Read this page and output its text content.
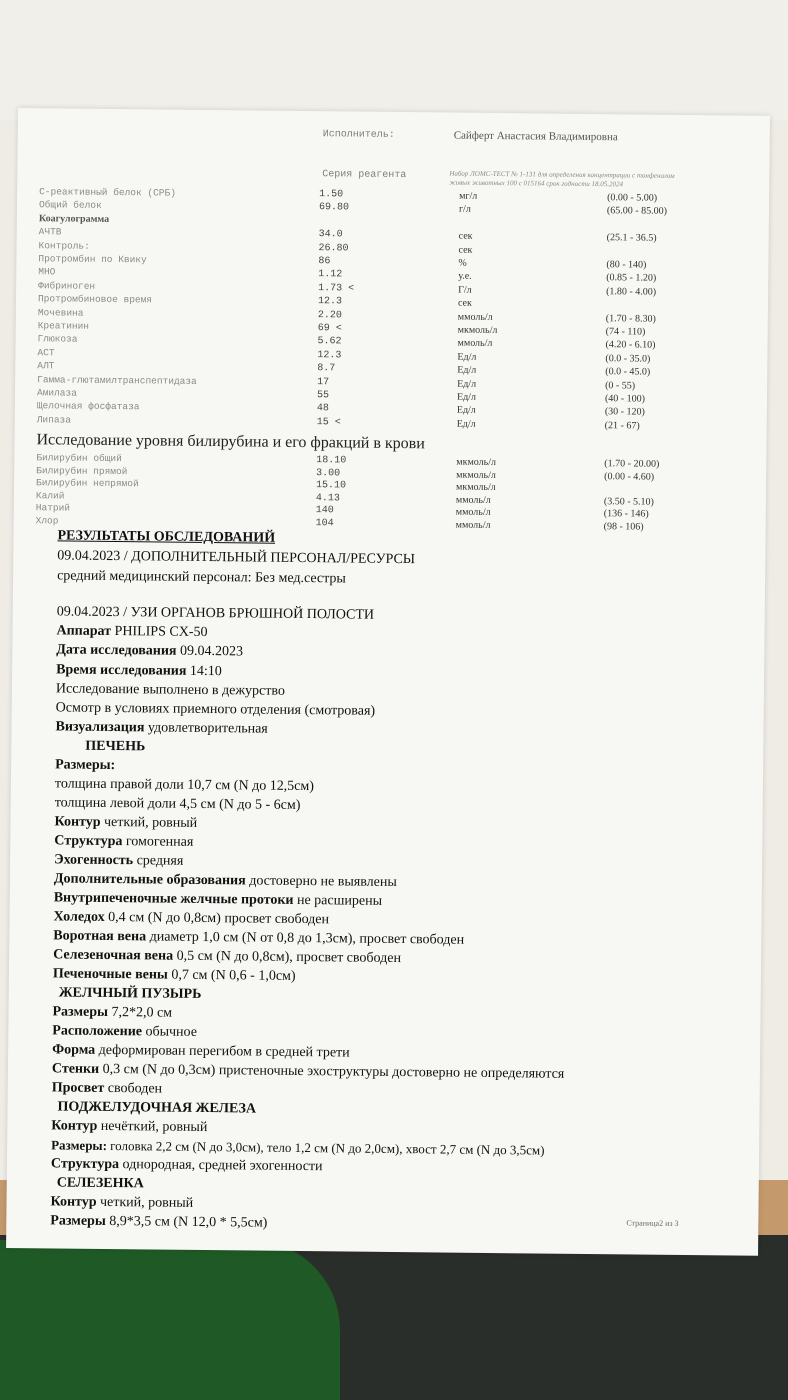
Исполнитель:	Сайферт Анастасия Владимировна
Серия реагента	Набор ЛОМС-ТЕСТ № 1-131 для определения концентрации с тонфенолом
живых животных 100 с 015164 срок годности 18.05.2024
С-реактивный белок (СРБ)	1.50	мг/л	(0.00 - 5.00)
Общий белок	69.80	г/л	(65.00 - 85.00)
Коагулограмма
АЧТВ	34.0	сек	(25.1 - 36.5)
Контроль:	26.80	сек
Протромбин по Квику	86	%	(80 - 140)
МНО	1.12	у.е.	(0.85 - 1.20)
Фибриноген	1.73 <	Г/л	(1.80 - 4.00)
Протромбиновое время	12.3	сек
Мочевина	2.20	ммоль/л	(1.70 - 8.30)
Креатинин	69 <	мкмоль/л	(74 - 110)
Глюкоза	5.62	ммоль/л	(4.20 - 6.10)
АСТ	12.3	Ед/л	(0.0 - 35.0)
АЛТ	8.7	Ед/л	(0.0 - 45.0)
Гамма-глютамилтранспептидаза	17	Ед/л	(0 - 55)
Амилаза	55	Ед/л	(40 - 100)
Щелочная фосфатаза	48	Ед/л	(30 - 120)
Липаза	15 <	Ед/л	(21 - 67)
Исследование уровня билирубина и его фракций в крови
Билирубин общий	18.10	мкмоль/л	(1.70 - 20.00)
Билирубин прямой	3.00	мкмоль/л	(0.00 - 4.60)
Билирубин непрямой	15.10	мкмоль/л
Калий	4.13	ммоль/л	(3.50 - 5.10)
Натрий	140	ммоль/л	(136 - 146)
Хлор	104	ммоль/л	(98 - 106)
РЕЗУЛЬТАТЫ ОБСЛЕДОВАНИЙ
09.04.2023 / ДОПОЛНИТЕЛЬНЫЙ ПЕРСОНАЛ/РЕСУРСЫ
средний медицинский персонал: Без мед.сестры
09.04.2023 / УЗИ ОРГАНОВ БРЮШНОЙ ПОЛОСТИ
Аппарат PHILIPS CX-50
Дата исследования 09.04.2023
Время исследования 14:10
Исследование выполнено в дежурство
Осмотр в условиях приемного отделения (смотровая)
Визуализация удовлетворительная
ПЕЧЕНЬ
Размеры:
толщина правой доли 10,7 см (N до 12,5см)
толщина левой доли 4,5 см (N до 5 - 6см)
Контур четкий, ровный
Структура гомогенная
Эхогенность средняя
Дополнительные образования достоверно не выявлены
Внутрипеченочные желчные протоки не расширены
Холедох 0,4 см (N до 0,8см) просвет свободен
Воротная вена диаметр 1,0 см (N от 0,8 до 1,3см), просвет свободен
Селезеночная вена 0,5 см (N до 0,8см), просвет свободен
Печеночные вены 0,7 см (N 0,6 - 1,0см)
ЖЕЛЧНЫЙ ПУЗЫРЬ
Размеры 7,2*2,0 см
Расположение обычное
Форма деформирован перегибом в средней трети
Стенки 0,3 см (N до 0,3см) пристеночные эхоструктуры достоверно не определяются
Просвет свободен
ПОДЖЕЛУДОЧНАЯ ЖЕЛЕЗА
Контур нечёткий, ровный
Размеры: головка 2,2 см (N до 3,0см), тело 1,2 см (N до 2,0см), хвост 2,7 см (N до 3,5см)
Структура однородная, средней эхогенности
СЕЛЕЗЕНКА
Контур четкий, ровный
Размеры 8,9*3,5 см (N 12,0 * 5,5см)	Страница2 из 3
